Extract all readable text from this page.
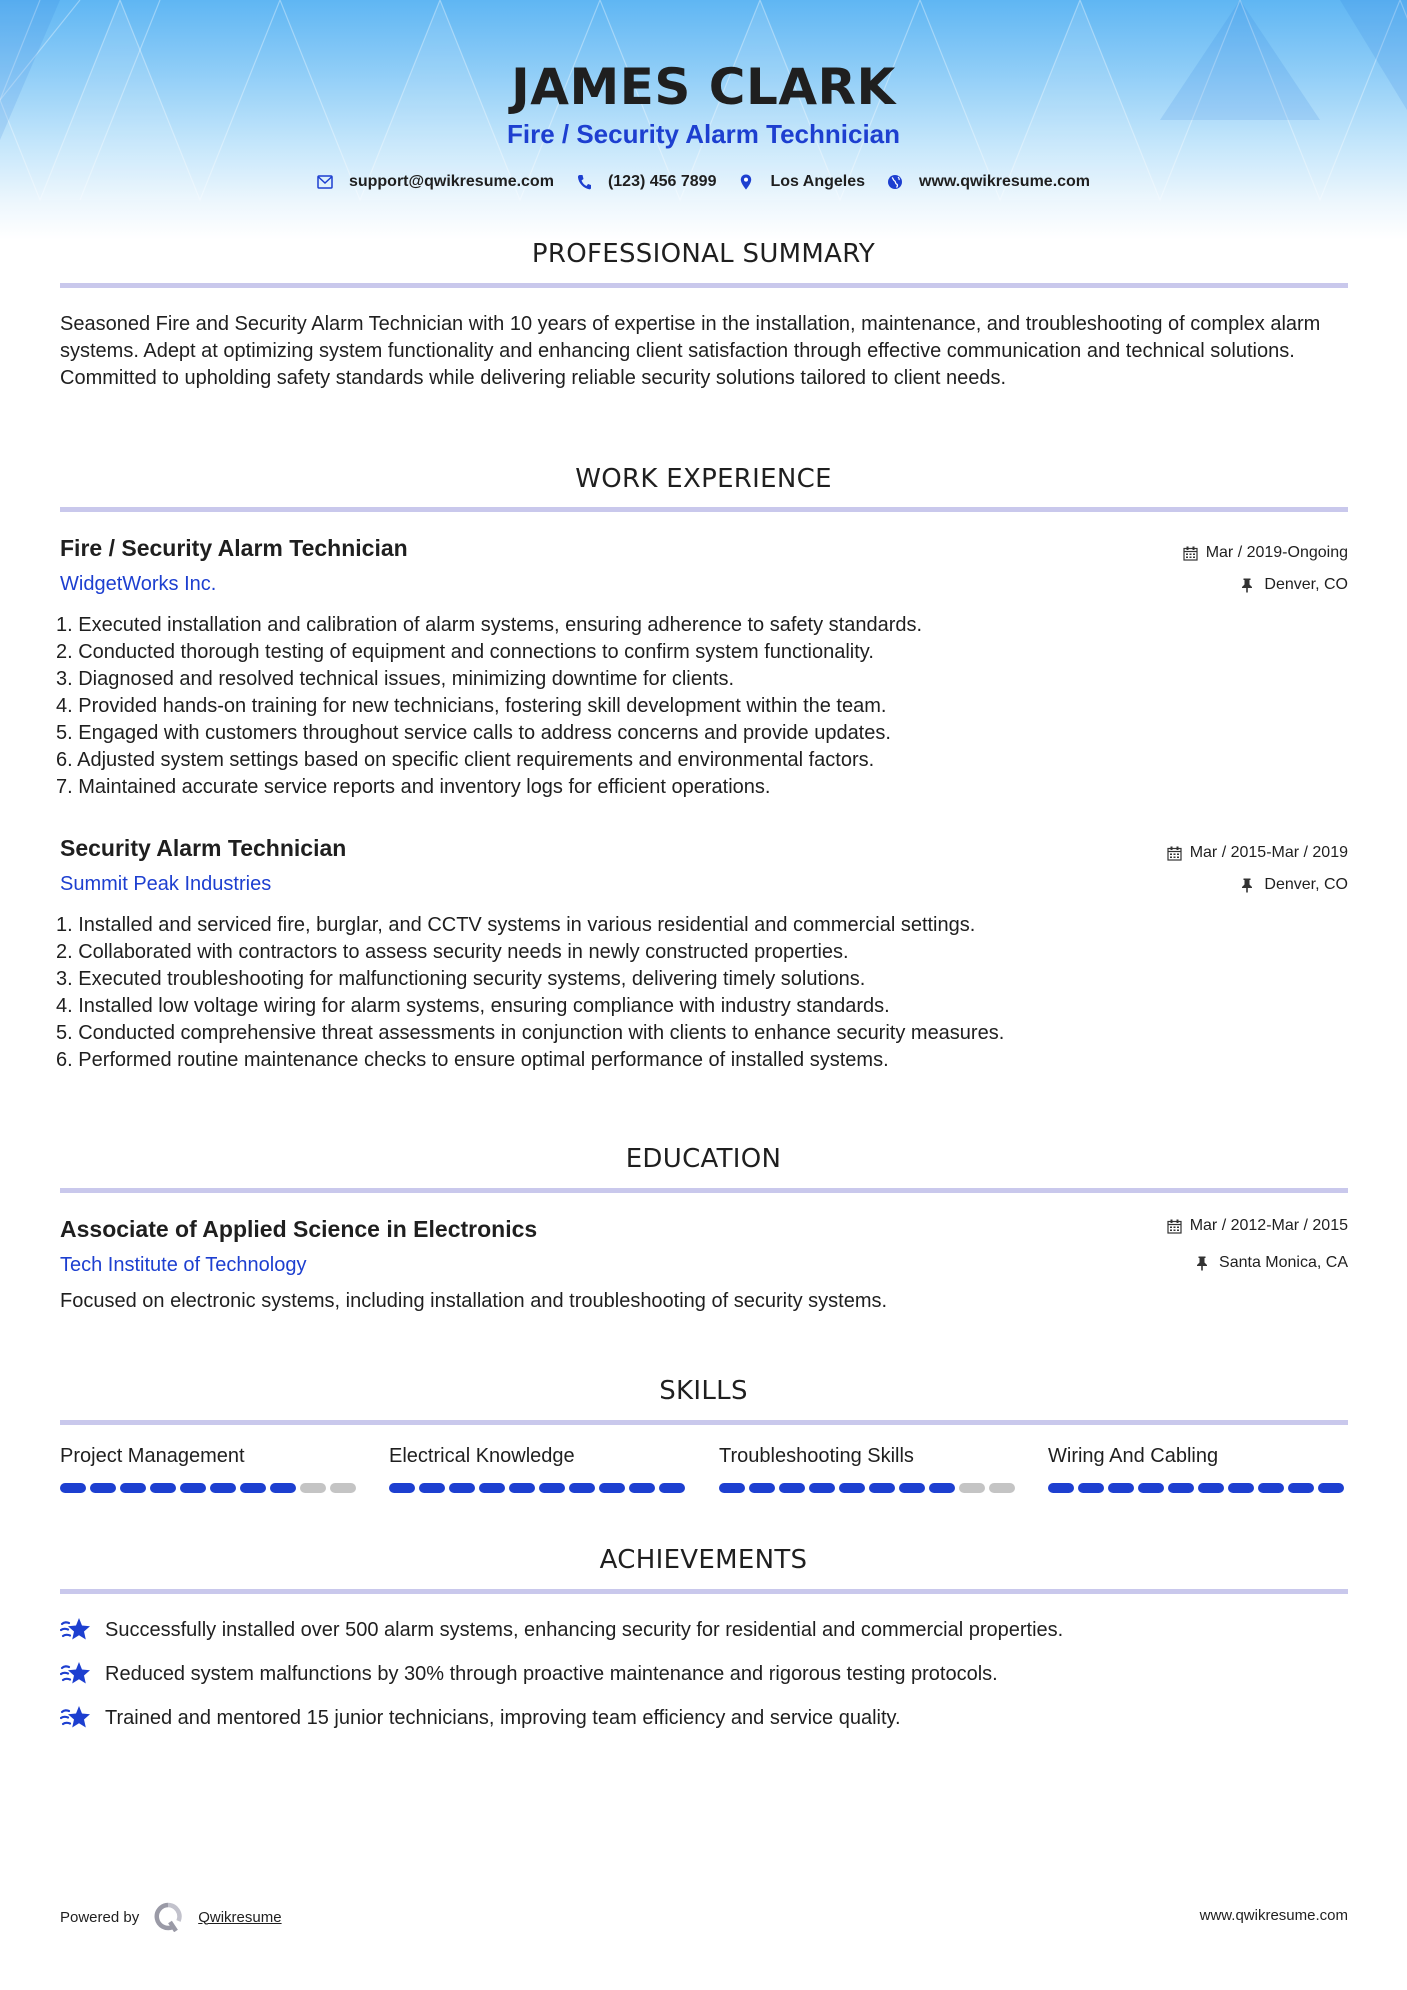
JAMES CLARK
Fire / Security Alarm Technician
support@qwikresume.com	(123) 456 7899	Los Angeles	www.qwikresume.com
PROFESSIONAL SUMMARY
Seasoned Fire and Security Alarm Technician with 10 years of expertise in the installation, maintenance, and troubleshooting of complex alarm systems. Adept at optimizing system functionality and enhancing client satisfaction through effective communication and technical solutions. Committed to upholding safety standards while delivering reliable security solutions tailored to client needs.
WORK EXPERIENCE
Fire / Security Alarm Technician
WidgetWorks Inc.
Mar / 2019-Ongoing
Denver, CO
1. Executed installation and calibration of alarm systems, ensuring adherence to safety standards.
2. Conducted thorough testing of equipment and connections to confirm system functionality.
3. Diagnosed and resolved technical issues, minimizing downtime for clients.
4. Provided hands-on training for new technicians, fostering skill development within the team.
5. Engaged with customers throughout service calls to address concerns and provide updates.
6. Adjusted system settings based on specific client requirements and environmental factors.
7. Maintained accurate service reports and inventory logs for efficient operations.
Security Alarm Technician
Summit Peak Industries
Mar / 2015-Mar / 2019
Denver, CO
1. Installed and serviced fire, burglar, and CCTV systems in various residential and commercial settings.
2. Collaborated with contractors to assess security needs in newly constructed properties.
3. Executed troubleshooting for malfunctioning security systems, delivering timely solutions.
4. Installed low voltage wiring for alarm systems, ensuring compliance with industry standards.
5. Conducted comprehensive threat assessments in conjunction with clients to enhance security measures.
6. Performed routine maintenance checks to ensure optimal performance of installed systems.
EDUCATION
Associate of Applied Science in Electronics
Tech Institute of Technology
Mar / 2012-Mar / 2015
Santa Monica, CA
Focused on electronic systems, including installation and troubleshooting of security systems.
SKILLS
Project Management	Electrical Knowledge	Troubleshooting Skills	Wiring And Cabling
ACHIEVEMENTS
Successfully installed over 500 alarm systems, enhancing security for residential and commercial properties.
Reduced system malfunctions by 30% through proactive maintenance and rigorous testing protocols.
Trained and mentored 15 junior technicians, improving team efficiency and service quality.
Powered by	Qwikresume	www.qwikresume.com
